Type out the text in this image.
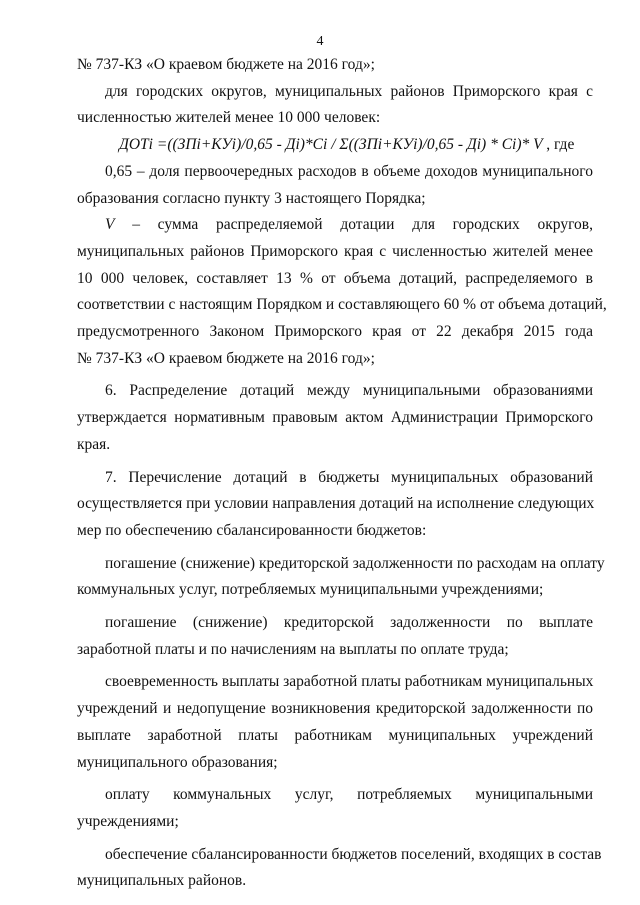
4

№ 737-КЗ «О краевом бюджете на 2016 год»;

для городских округов, муниципальных районов Приморского края с

численностью жителей менее 10 000 человек:

ДОТi =((ЗПi+КУi)/0,65 - Дi)*Ci / Σ((ЗПi+КУi)/0,65 - Дi) * Ci)* V , где

0,65 – доля первоочередных расходов в объеме доходов муниципального

образования согласно пункту 3 настоящего Порядка;

V – сумма распределяемой дотации для городских округов,

муниципальных районов Приморского края с численностью жителей менее

10 000 человек, составляет 13 % от объема дотаций, распределяемого в

соответствии с настоящим Порядком и составляющего 60 % от объема дотаций,

предусмотренного Законом Приморского края от 22 декабря 2015 года

№ 737-КЗ «О краевом бюджете на 2016 год»;

6. Распределение дотаций между муниципальными образованиями

утверждается нормативным правовым актом Администрации Приморского

края.

7. Перечисление дотаций в бюджеты муниципальных образований

осуществляется при условии направления дотаций на исполнение следующих

мер по обеспечению сбалансированности бюджетов:

погашение (снижение) кредиторской задолженности по расходам на оплату

коммунальных услуг, потребляемых муниципальными учреждениями;

погашение (снижение) кредиторской задолженности по выплате

заработной платы и по начислениям на выплаты по оплате труда;

своевременность выплаты заработной платы работникам муниципальных

учреждений и недопущение возникновения кредиторской задолженности по

выплате заработной платы работникам муниципальных учреждений

муниципального образования;

оплату коммунальных услуг, потребляемых муниципальными

учреждениями;

обеспечение сбалансированности бюджетов поселений, входящих в состав

муниципальных районов.
